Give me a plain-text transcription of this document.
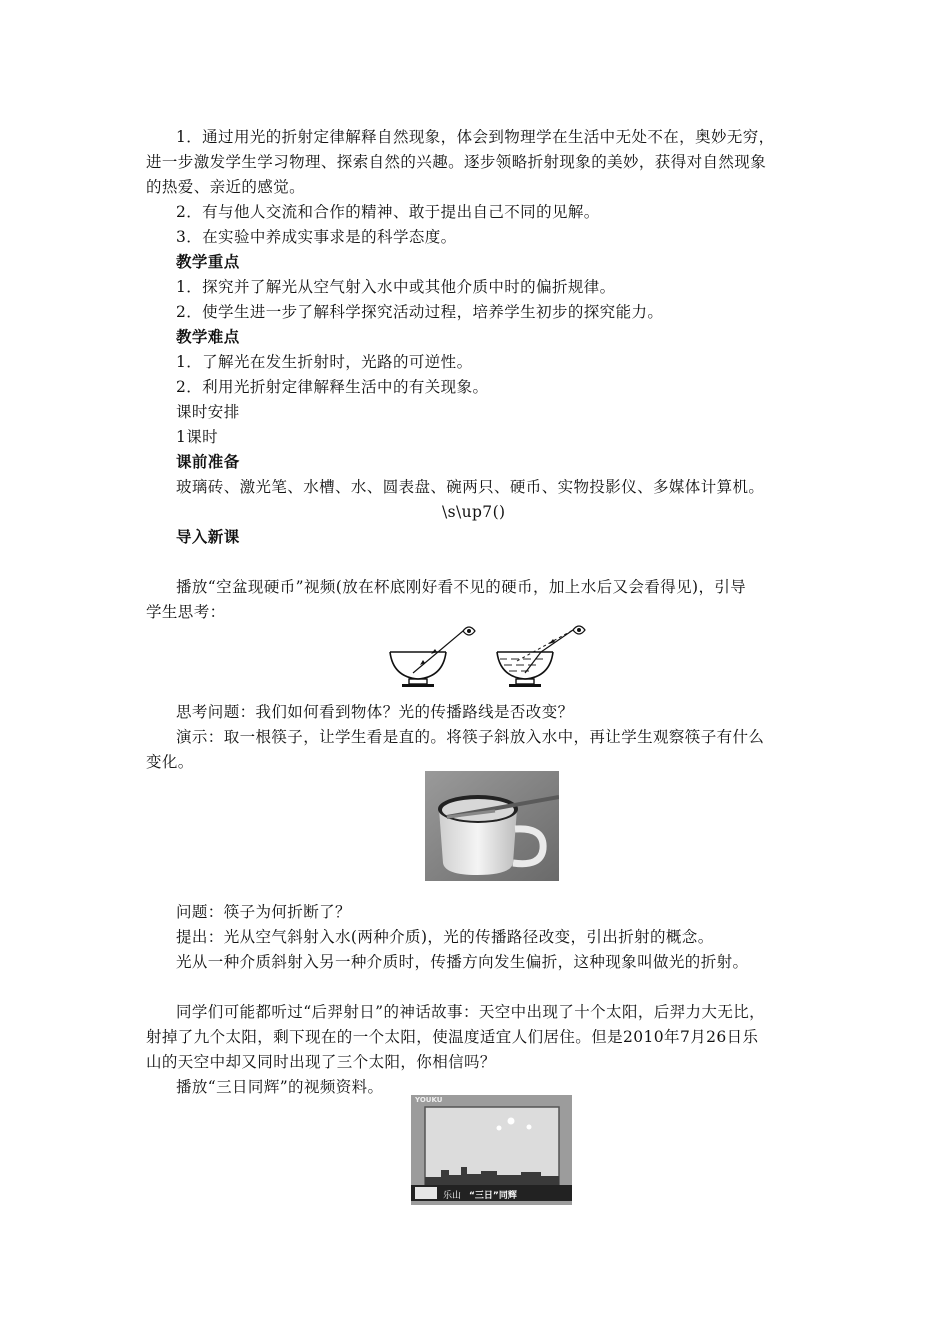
1．通过用光的折射定律解释自然现象，体会到物理学在生活中无处不在，奥妙无穷，
进一步激发学生学习物理、探索自然的兴趣。逐步领略折射现象的美妙，获得对自然现象
的热爱、亲近的感觉。
2．有与他人交流和合作的精神、敢于提出自己不同的见解。
3．在实验中养成实事求是的科学态度。
教学重点
1．探究并了解光从空气射入水中或其他介质中时的偏折规律。
2．使学生进一步了解科学探究活动过程，培养学生初步的探究能力。
教学难点
1．了解光在发生折射时，光路的可逆性。
2．利用光折射定律解释生活中的有关现象。
课时安排
1课时
课前准备
玻璃砖、激光笔、水槽、水、圆表盘、碗两只、硬币、实物投影仪、多媒体计算机。
\s\up7()
导入新课
播放“空盆现硬币”视频(放在杯底刚好看不见的硬币，加上水后又会看得见)，引导
学生思考：
思考问题：我们如何看到物体？光的传播路线是否改变？
演示：取一根筷子，让学生看是直的。将筷子斜放入水中，再让学生观察筷子有什么
变化。
问题：筷子为何折断了？
提出：光从空气斜射入水(两种介质)，光的传播路径改变，引出折射的概念。
光从一种介质斜射入另一种介质时，传播方向发生偏折，这种现象叫做光的折射。
同学们可能都听过“后羿射日”的神话故事：天空中出现了十个太阳，后羿力大无比，
射掉了九个太阳，剩下现在的一个太阳，使温度适宜人们居住。但是2010年7月26日乐
山的天空中却又同时出现了三个太阳，你相信吗？
播放“三日同辉”的视频资料。
YOUKU
乐山 “三日”同辉
